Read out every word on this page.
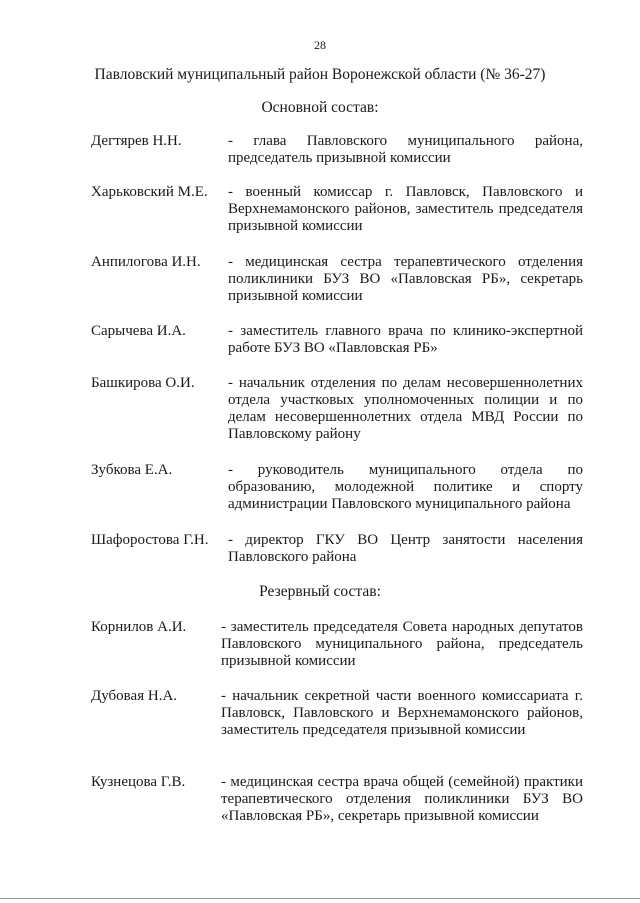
28
Павловский муниципальный район Воронежской области (№ 36-27)
Основной состав:
Дегтярев Н.Н.	- глава Павловского муниципального района, председатель призывной комиссии
Харьковский М.Е. - военный комиссар г. Павловск, Павловского и Верхнемамонского районов, заместитель председателя призывной комиссии
Анпилогова И.Н. - медицинская сестра терапевтического отделения поликлиники БУЗ ВО «Павловская РБ», секретарь призывной комиссии
Сарычева И.А.	- заместитель главного врача по клинико-экспертной работе БУЗ ВО «Павловская РБ»
Башкирова О.И. - начальник отделения по делам несовершеннолетних отдела участковых уполномоченных полиции и по делам несовершеннолетних отдела МВД России по Павловскому району
Зубкова Е.А.	- руководитель муниципального отдела по образованию, молодежной политике и спорту администрации Павловского муниципального района
Шафоростова Г.Н. - директор ГКУ ВО Центр занятости населения Павловского района
Резервный состав:
Корнилов А.И. - заместитель председателя Совета народных депутатов Павловского муниципального района, председатель призывной комиссии
Дубовая Н.А.	- начальник секретной части военного комиссариата г. Павловск, Павловского и Верхнемамонского районов, заместитель председателя призывной комиссии
Кузнецова Г.В. - медицинская сестра врача общей (семейной) практики терапевтического отделения поликлиники БУЗ ВО «Павловская РБ», секретарь призывной комиссии
